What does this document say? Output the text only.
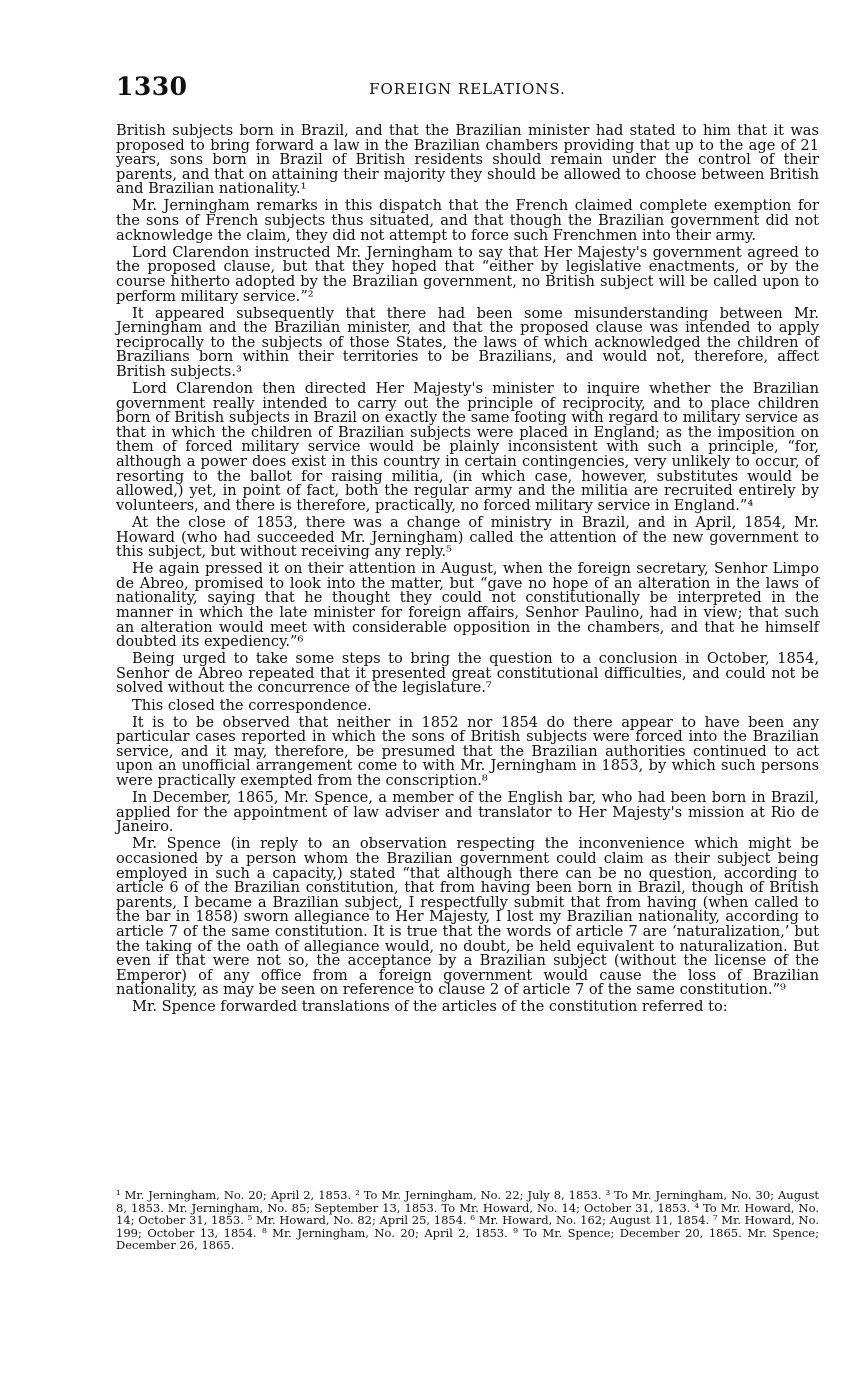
1330	FOREIGN RELATIONS.

British subjects born in Brazil, and that the Brazilian minister had stated to him that it was proposed to bring forward a law in the Brazilian chambers providing that up to the age of 21 years, sons born in Brazil of British residents should remain under the control of their parents, and that on attaining their majority they should be allowed to choose between British and Brazilian nationality.¹

Mr. Jerningham remarks in this dispatch that the French claimed complete exemption for the sons of French subjects thus situated, and that though the Brazilian government did not acknowledge the claim, they did not attempt to force such Frenchmen into their army.

Lord Clarendon instructed Mr. Jerningham to say that Her Majesty's government agreed to the proposed clause, but that they hoped that “either by legislative enactments, or by the course hitherto adopted by the Brazilian government, no British subject will be called upon to perform military service.”²

It appeared subsequently that there had been some misunderstanding between Mr. Jerningham and the Brazilian minister, and that the proposed clause was intended to apply reciprocally to the subjects of those States, the laws of which acknowledged the children of Brazilians born within their territories to be Brazilians, and would not, therefore, affect British subjects.³

Lord Clarendon then directed Her Majesty's minister to inquire whether the Brazilian government really intended to carry out the principle of reciprocity, and to place children born of British subjects in Brazil on exactly the same footing with regard to military service as that in which the children of Brazilian subjects were placed in England; as the imposition on them of forced military service would be plainly inconsistent with such a principle, “for, although a power does exist in this country in certain contingencies, very unlikely to occur, of resorting to the ballot for raising militia, (in which case, however, substitutes would be allowed,) yet, in point of fact, both the regular army and the militia are recruited entirely by volunteers, and there is therefore, practically, no forced military service in England.”⁴

At the close of 1853, there was a change of ministry in Brazil, and in April, 1854, Mr. Howard (who had succeeded Mr. Jerningham) called the attention of the new government to this subject, but without receiving any reply.⁵

He again pressed it on their attention in August, when the foreign secretary, Senhor Limpo de Abreo, promised to look into the matter, but “gave no hope of an alteration in the laws of nationality, saying that he thought they could not constitutionally be interpreted in the manner in which the late minister for foreign affairs, Senhor Paulino, had in view; that such an alteration would meet with considerable opposition in the chambers, and that he himself doubted its expediency.”⁶

Being urged to take some steps to bring the question to a conclusion in October, 1854, Senhor de Abreo repeated that it presented great constitutional difficulties, and could not be solved without the concurrence of the legislature.⁷

This closed the correspondence.

It is to be observed that neither in 1852 nor 1854 do there appear to have been any particular cases reported in which the sons of British subjects were forced into the Brazilian service, and it may, therefore, be presumed that the Brazilian authorities continued to act upon an unofficial arrangement come to with Mr. Jerningham in 1853, by which such persons were practically exempted from the conscription.⁸

In December, 1865, Mr. Spence, a member of the English bar, who had been born in Brazil, applied for the appointment of law adviser and translator to Her Majesty's mission at Rio de Janeiro.

Mr. Spence (in reply to an observation respecting the inconvenience which might be occasioned by a person whom the Brazilian government could claim as their subject being employed in such a capacity,) stated “that although there can be no question, according to article 6 of the Brazilian constitution, that from having been born in Brazil, though of British parents, I became a Brazilian subject, I respectfully submit that from having (when called to the bar in 1858) sworn allegiance to Her Majesty, I lost my Brazilian nationality, according to article 7 of the same constitution. It is true that the words of article 7 are ‘naturalization,’ but the taking of the oath of allegiance would, no doubt, be held equivalent to naturalization. But even if that were not so, the acceptance by a Brazilian subject (without the license of the Emperor) of any office from a foreign government would cause the loss of Brazilian nationality, as may be seen on reference to clause 2 of article 7 of the same constitution.”⁹

Mr. Spence forwarded translations of the articles of the constitution referred to:

¹ Mr. Jerningham, No. 20; April 2, 1853. ² To Mr. Jerningham, No. 22; July 8, 1853. ³ To Mr. Jerningham, No. 30; August 8, 1853. Mr. Jerningham, No. 85; September 13, 1853. To Mr. Howard, No. 14; October 31, 1853. ⁴ To Mr. Howard, No. 14; October 31, 1853. ⁵ Mr. Howard, No. 82; April 25, 1854. ⁶ Mr. Howard, No. 162; August 11, 1854. ⁷ Mr. Howard, No. 199; October 13, 1854. ⁸ Mr. Jerningham, No. 20; April 2, 1853. ⁹ To Mr. Spence; December 20, 1865. Mr. Spence; December 26, 1865.
